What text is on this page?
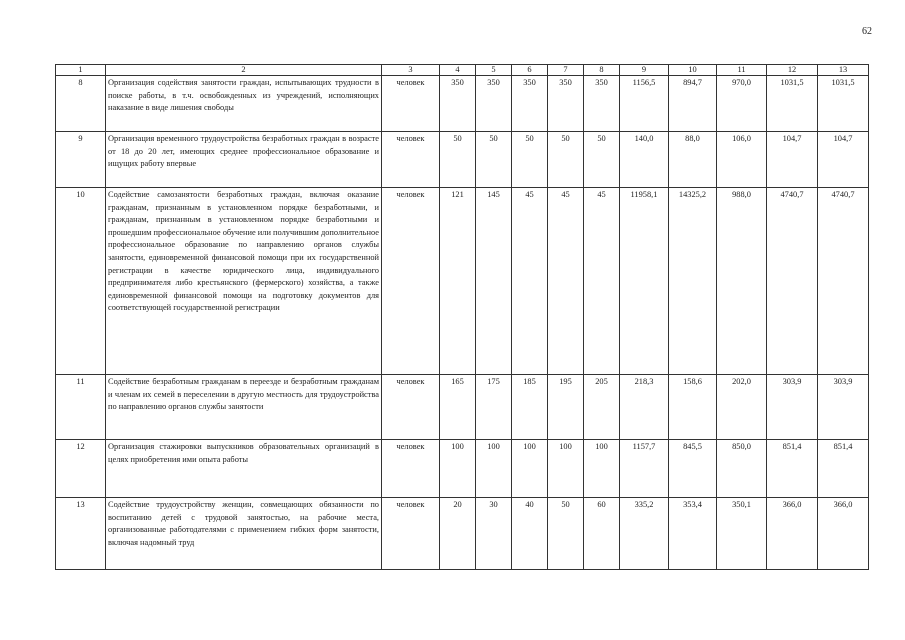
62
1	2	3	4	5	6	7	8	9	10	11	12	13
8	Организация содействия занятости граждан, испытывающих трудности в поиске работы, в т.ч. освобожденных из учреждений, исполняющих наказание в виде лишения свободы	человек	350	350	350	350	350	1156,5	894,7	970,0	1031,5	1031,5
9	Организация временного трудоустройства безработных граждан в возрасте от 18 до 20 лет, имеющих среднее профессиональное образование и ищущих работу впервые	человек	50	50	50	50	50	140,0	88,0	106,0	104,7	104,7
10	Содействие самозанятости безработных граждан, включая оказание гражданам, признанным в установленном порядке безработными, и гражданам, признанным в установленном порядке безработными и прошедшим профессиональное обучение или получившим дополнительное профессиональное образование по направлению органов службы занятости, единовременной финансовой помощи при их государственной регистрации в качестве юридического лица, индивидуального предпринимателя либо крестьянского (фермерского) хозяйства, а также единовременной финансовой помощи на подготовку документов для соответствующей государственной регистрации	человек	121	145	45	45	45	11958,1	14325,2	988,0	4740,7	4740,7
11	Содействие безработным гражданам в переезде и безработным гражданам и членам их семей в переселении в другую местность для трудоустройства по направлению органов службы занятости	человек	165	175	185	195	205	218,3	158,6	202,0	303,9	303,9
12	Организация стажировки выпускников образовательных организаций в целях приобретения ими опыта работы	человек	100	100	100	100	100	1157,7	845,5	850,0	851,4	851,4
13	Содействие трудоустройству женщин, совмещающих обязанности по воспитанию детей с трудовой занятостью, на рабочие места, организованные работодателями с применением гибких форм занятости, включая надомный труд	человек	20	30	40	50	60	335,2	353,4	350,1	366,0	366,0
